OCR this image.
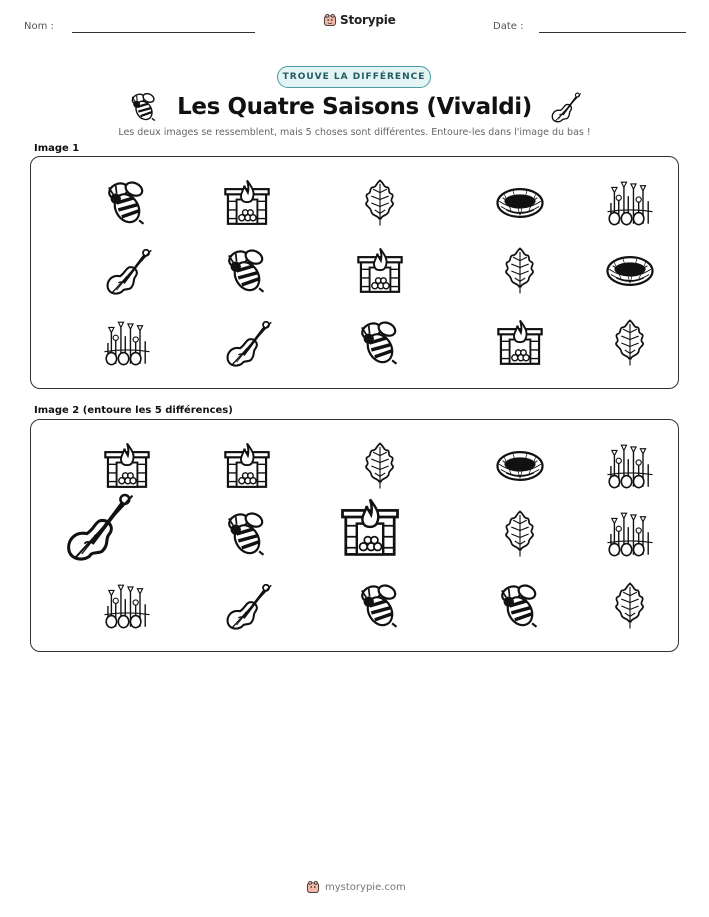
Nom :	Storypie	Date :
TROUVE LA DIFFÉRENCE
Les Quatre Saisons (Vivaldi)
Les deux images se ressemblent, mais 5 choses sont différentes. Entoure-les dans l'image du bas !
Image 1
Image 2 (entoure les 5 différences)
mystorypie.com
